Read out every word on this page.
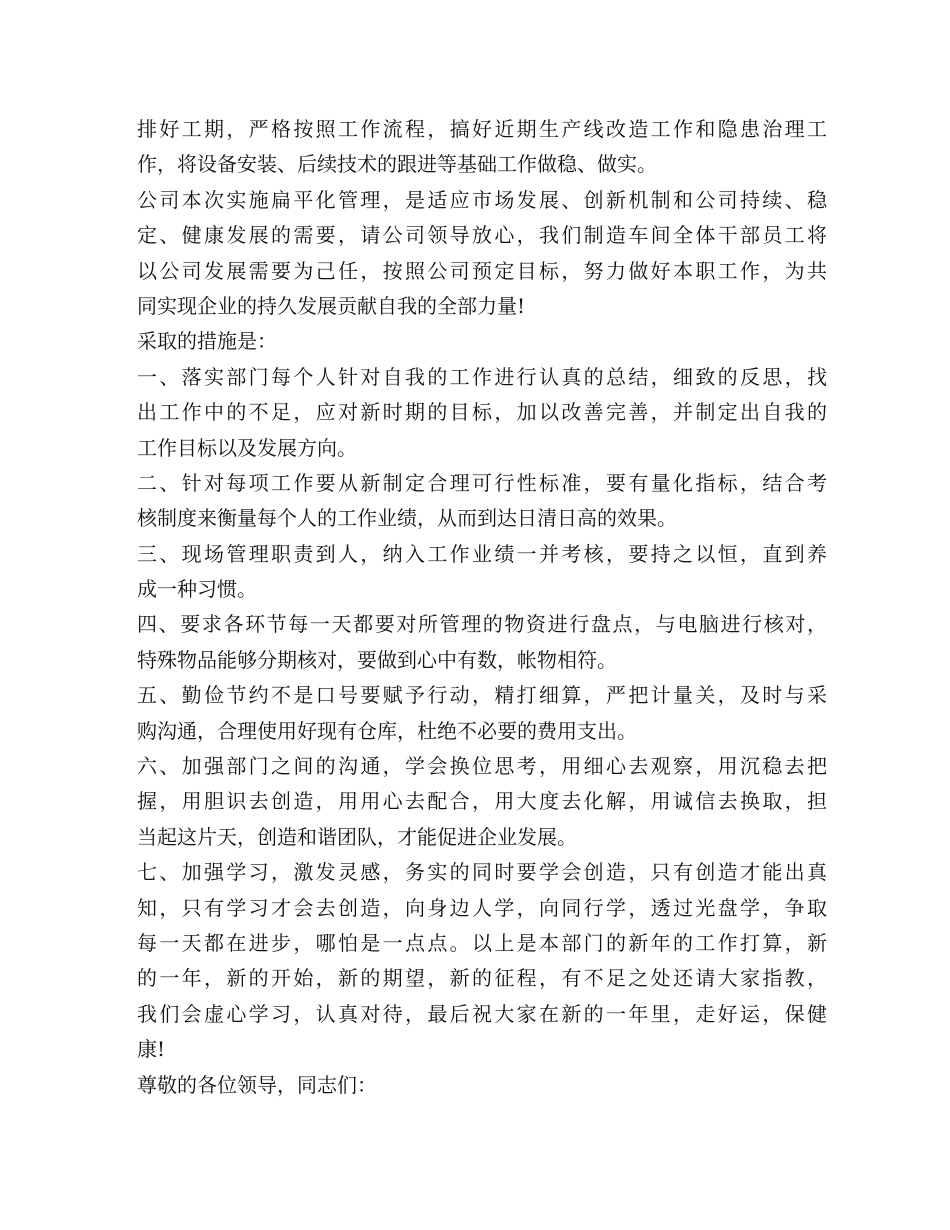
排好工期，严格按照工作流程，搞好近期生产线改造工作和隐患治理工
作，将设备安装、后续技术的跟进等基础工作做稳、做实。
公司本次实施扁平化管理，是适应市场发展、创新机制和公司持续、稳
定、健康发展的需要，请公司领导放心，我们制造车间全体干部员工将
以公司发展需要为己任，按照公司预定目标，努力做好本职工作，为共
同实现企业的持久发展贡献自我的全部力量!
采取的措施是：
一、落实部门每个人针对自我的工作进行认真的总结，细致的反思，找
出工作中的不足，应对新时期的目标，加以改善完善，并制定出自我的
工作目标以及发展方向。
二、针对每项工作要从新制定合理可行性标准，要有量化指标，结合考
核制度来衡量每个人的工作业绩，从而到达日清日高的效果。
三、现场管理职责到人，纳入工作业绩一并考核，要持之以恒，直到养
成一种习惯。
四、要求各环节每一天都要对所管理的物资进行盘点，与电脑进行核对，
特殊物品能够分期核对，要做到心中有数，帐物相符。
五、勤俭节约不是口号要赋予行动，精打细算，严把计量关，及时与采
购沟通，合理使用好现有仓库，杜绝不必要的费用支出。
六、加强部门之间的沟通，学会换位思考，用细心去观察，用沉稳去把
握，用胆识去创造，用用心去配合，用大度去化解，用诚信去换取，担
当起这片天，创造和谐团队，才能促进企业发展。
七、加强学习，激发灵感，务实的同时要学会创造，只有创造才能出真
知，只有学习才会去创造，向身边人学，向同行学，透过光盘学，争取
每一天都在进步，哪怕是一点点。以上是本部门的新年的工作打算，新
的一年，新的开始，新的期望，新的征程，有不足之处还请大家指教，
我们会虚心学习，认真对待，最后祝大家在新的一年里，走好运，保健
康!
尊敬的各位领导，同志们：
